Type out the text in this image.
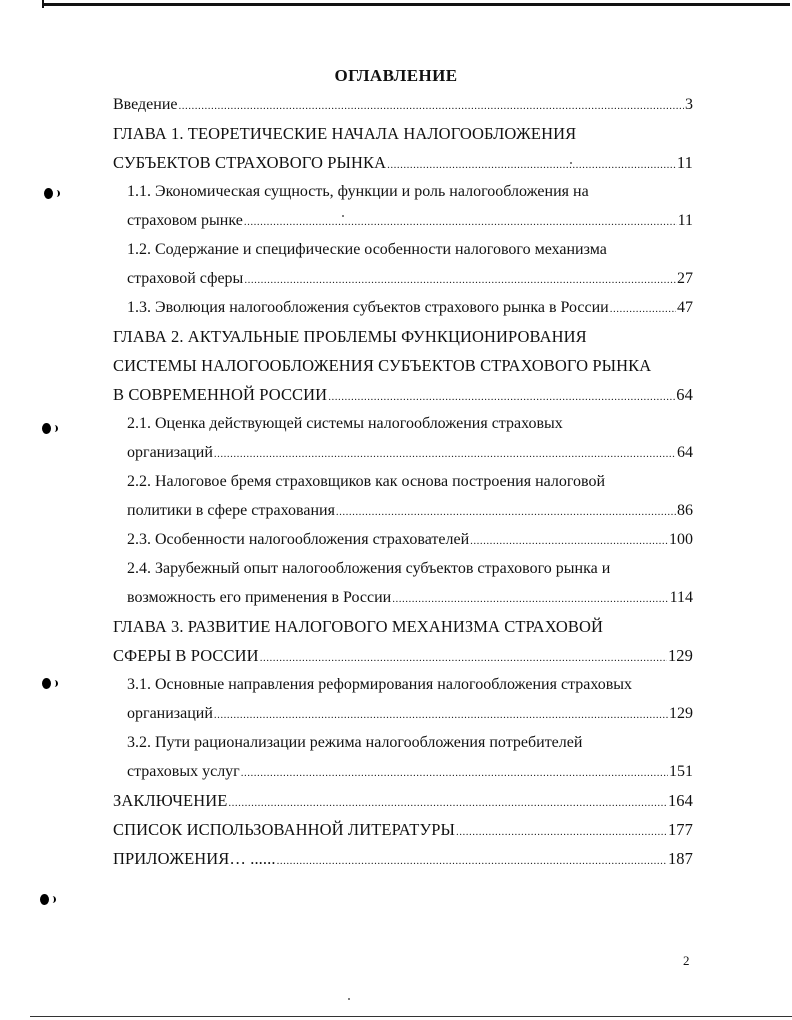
ОГЛАВЛЕНИЕ
Введение .....	3
ГЛАВА 1. ТЕОРЕТИЧЕСКИЕ НАЧАЛА НАЛОГООБЛОЖЕНИЯ
СУБЪЕКТОВ СТРАХОВОГО РЫНКА .....	11
1.1. Экономическая сущность, функции и роль налогообложения на
страховом рынке .....	11
1.2. Содержание и специфические особенности налогового механизма
страховой сферы .....	27
1.3. Эволюция налогообложения субъектов страхового рынка в России .....	47
ГЛАВА 2. АКТУАЛЬНЫЕ ПРОБЛЕМЫ ФУНКЦИОНИРОВАНИЯ
СИСТЕМЫ НАЛОГООБЛОЖЕНИЯ СУБЪЕКТОВ СТРАХОВОГО РЫНКА
В СОВРЕМЕННОЙ РОССИИ .....	64
2.1. Оценка действующей системы налогообложения страховых
организаций .....	64
2.2. Налоговое бремя страховщиков как основа построения налоговой
политики в сфере страхования .....	86
2.3. Особенности налогообложения страхователей .....	100
2.4. Зарубежный опыт налогообложения субъектов страхового рынка и
возможность его применения в России .....	114
ГЛАВА 3. РАЗВИТИЕ НАЛОГОВОГО МЕХАНИЗМА СТРАХОВОЙ
СФЕРЫ В РОССИИ .....	129
3.1. Основные направления реформирования налогообложения страховых
организаций .....	129
3.2. Пути рационализации режима налогообложения потребителей
страховых услуг .....	151
ЗАКЛЮЧЕНИЕ .....	164
СПИСОК ИСПОЛЬЗОВАННОЙ ЛИТЕРАТУРЫ .....	177
ПРИЛОЖЕНИЯ… ...... .....	187
2
